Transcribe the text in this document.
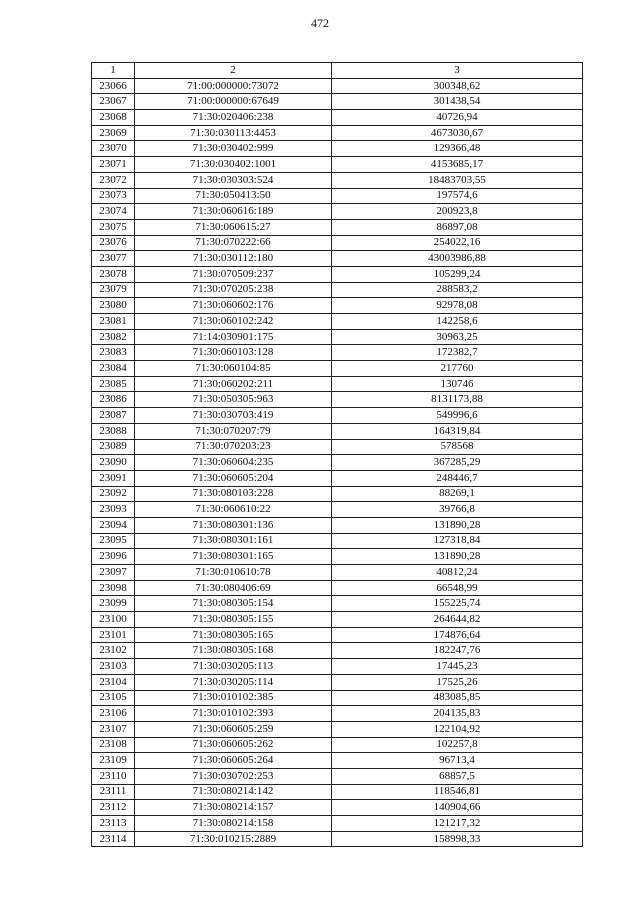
472
1	2	3
23066	71:00:000000:73072	300348,62
23067	71:00:000000:67649	301438,54
23068	71:30:020406:238	40726,94
23069	71:30:030113:4453	4673030,67
23070	71:30:030402:999	129366,48
23071	71:30:030402:1001	4153685,17
23072	71:30:030303:524	18483703,55
23073	71:30:050413:50	197574,6
23074	71:30:060616:189	200923,8
23075	71:30:060615:27	86897,08
23076	71:30:070222:66	254022,16
23077	71:30:030112:180	43003986,88
23078	71:30:070509:237	105299,24
23079	71:30:070205:238	288583,2
23080	71:30:060602:176	92978,08
23081	71:30:060102:242	142258,6
23082	71:14:030901:175	30963,25
23083	71:30:060103:128	172382,7
23084	71:30:060104:85	217760
23085	71:30:060202:211	130746
23086	71:30:050305:963	8131173,88
23087	71:30:030703:419	549996,6
23088	71:30:070207:79	164319,84
23089	71:30:070203:23	578568
23090	71:30:060604:235	367285,29
23091	71:30:060605:204	248446,7
23092	71:30:080103:228	88269,1
23093	71:30:060610:22	39766,8
23094	71:30:080301:136	131890,28
23095	71:30:080301:161	127318,84
23096	71:30:080301:165	131890,28
23097	71:30:010610:78	40812,24
23098	71:30:080406:69	66548,99
23099	71:30:080305:154	155225,74
23100	71:30:080305:155	264644,82
23101	71:30:080305:165	174876,64
23102	71:30:080305:168	182247,76
23103	71:30:030205:113	17445,23
23104	71:30:030205:114	17525,26
23105	71:30:010102:385	483085,85
23106	71:30:010102:393	204135,83
23107	71:30:060605:259	122104,92
23108	71:30:060605:262	102257,8
23109	71:30:060605:264	96713,4
23110	71:30:030702:253	68857,5
23111	71:30:080214:142	118546,81
23112	71:30:080214:157	140904,66
23113	71:30:080214:158	121217,32
23114	71:30:010215:2889	158998,33
